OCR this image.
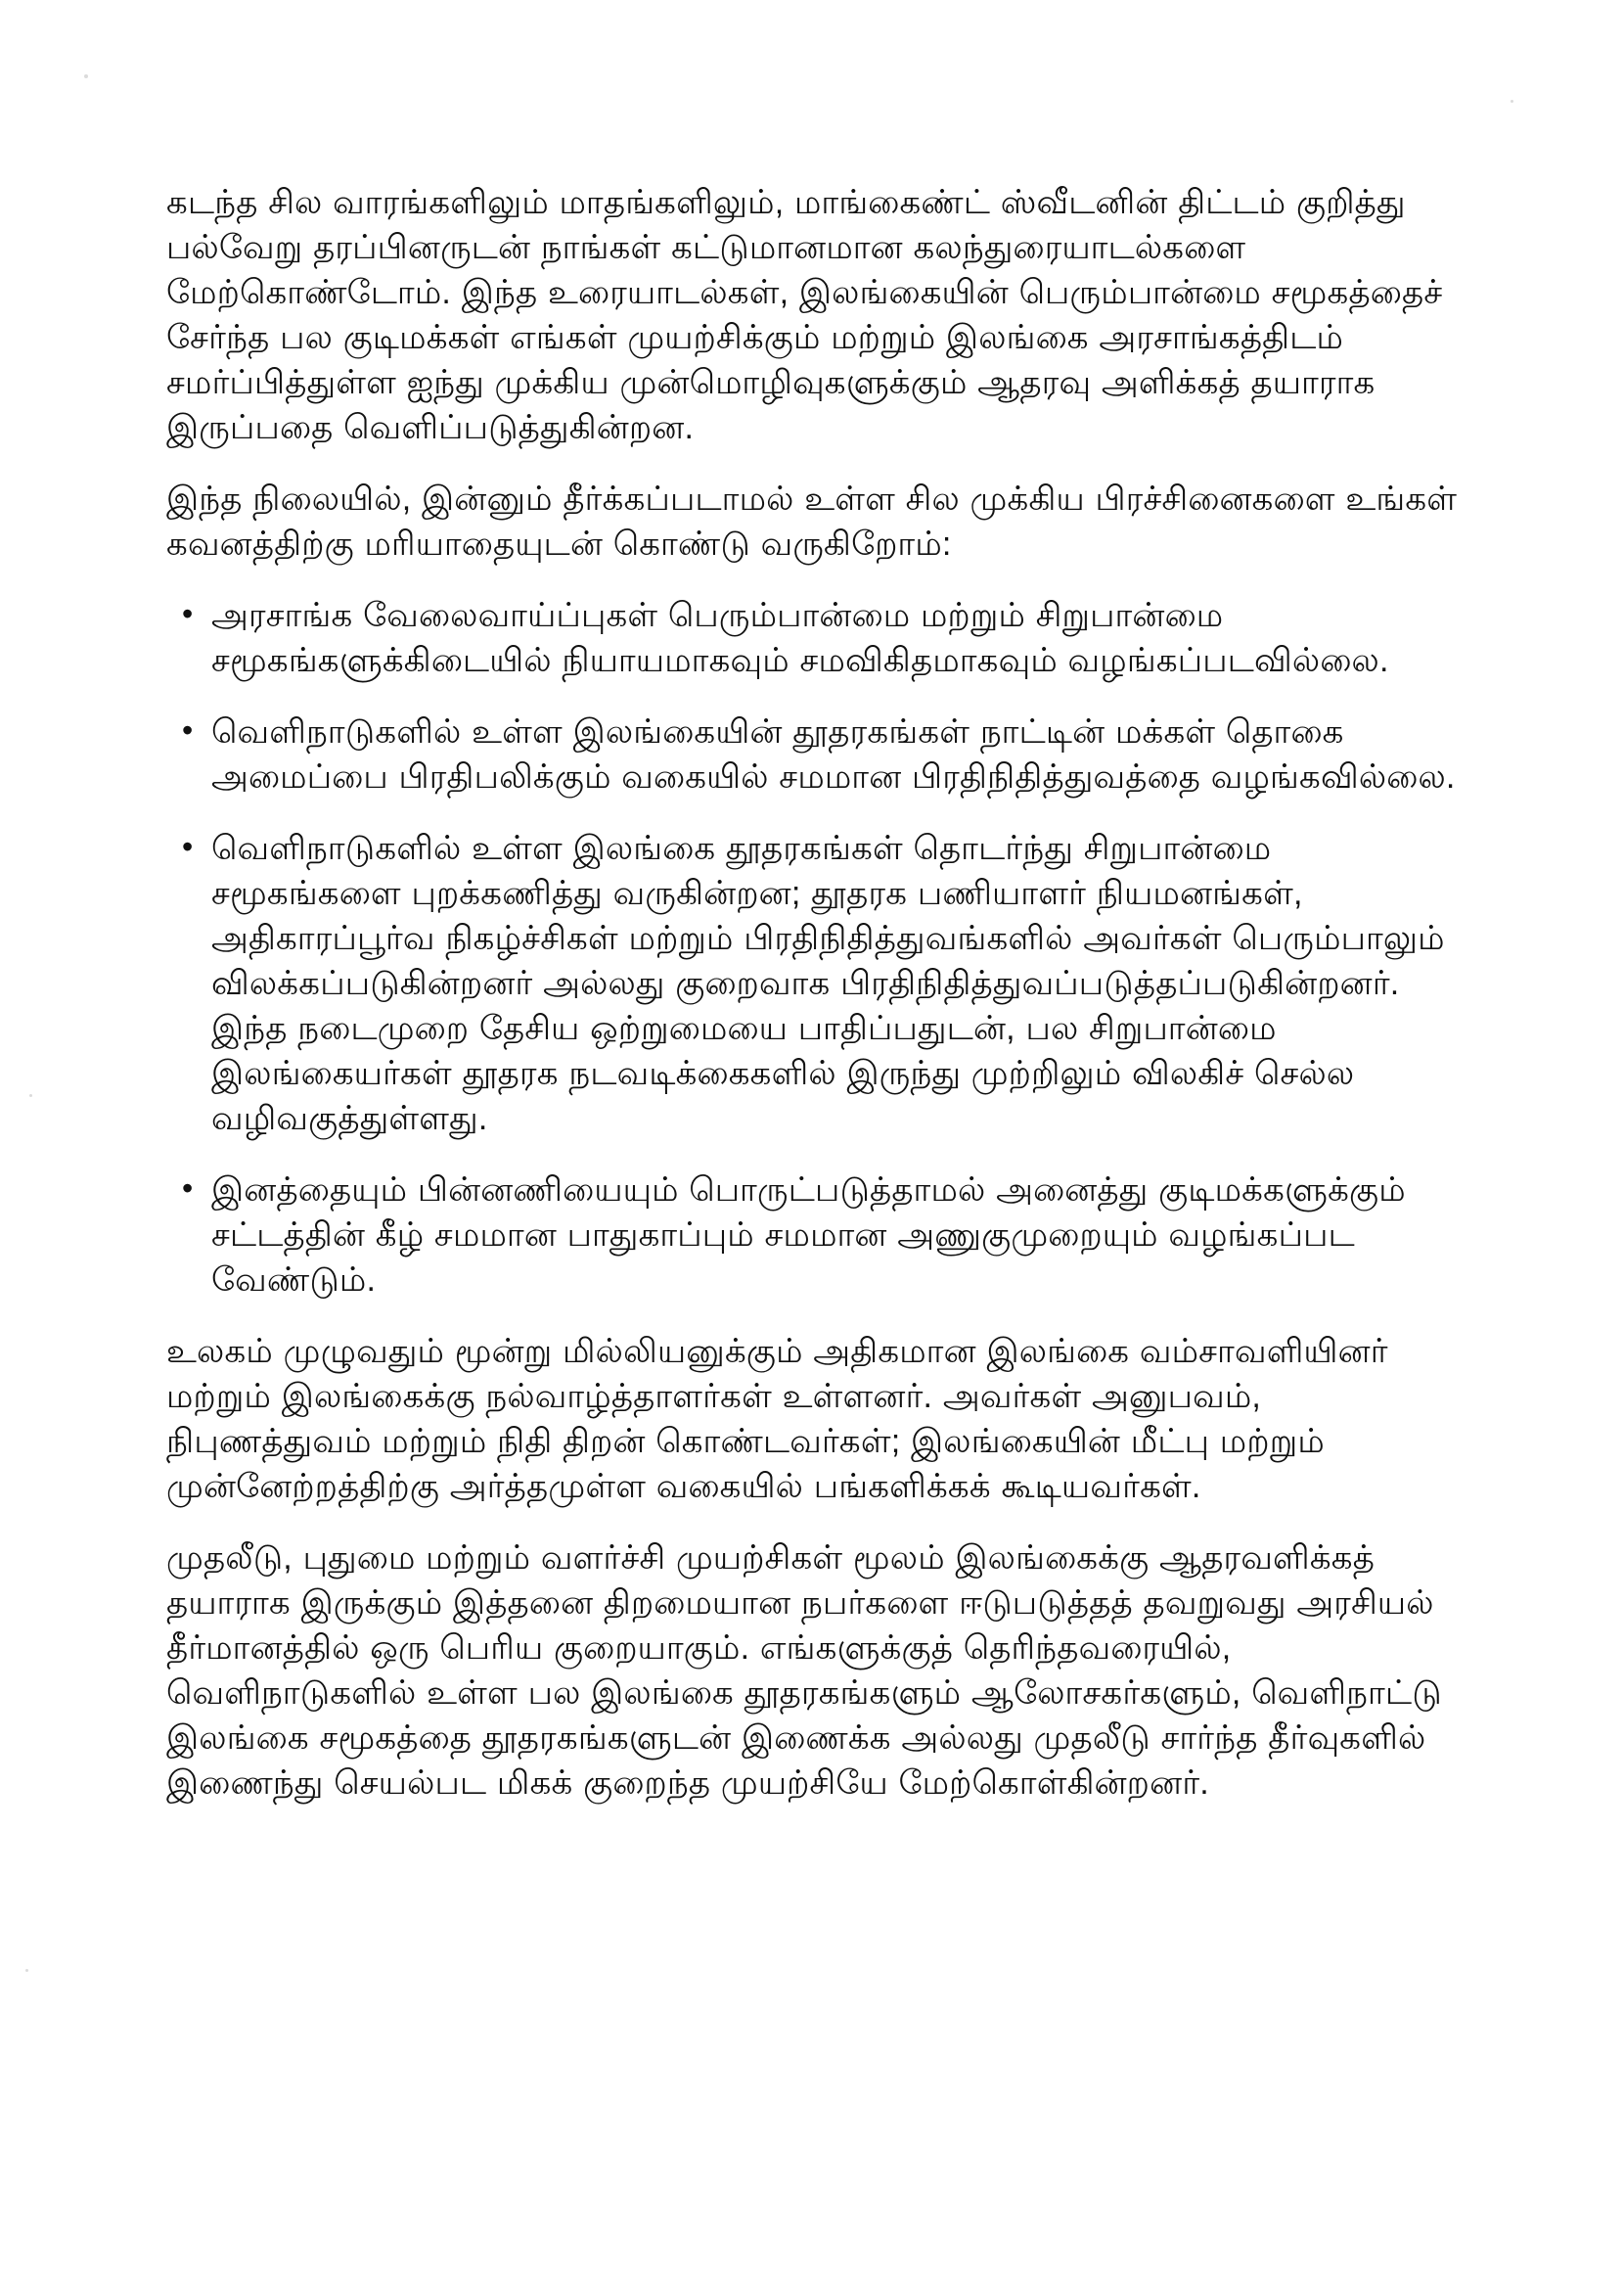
கடந்த சில வாரங்களிலும் மாதங்களிலும், மாங்கைண்ட் ஸ்வீடனின் திட்டம் குறித்து பல்வேறு தரப்பினருடன் நாங்கள் கட்டுமானமான கலந்துரையாடல்களை மேற்கொண்டோம். இந்த உரையாடல்கள், இலங்கையின் பெரும்பான்மை சமூகத்தைச் சேர்ந்த பல குடிமக்கள் எங்கள் முயற்சிக்கும் மற்றும் இலங்கை அரசாங்கத்திடம் சமர்ப்பித்துள்ள ஐந்து முக்கிய முன்மொழிவுகளுக்கும் ஆதரவு அளிக்கத் தயாராக இருப்பதை வெளிப்படுத்துகின்றன.

இந்த நிலையில், இன்னும் தீர்க்கப்படாமல் உள்ள சில முக்கிய பிரச்சினைகளை உங்கள் கவனத்திற்கு மரியாதையுடன் கொண்டு வருகிறோம்:

• அரசாங்க வேலைவாய்ப்புகள் பெரும்பான்மை மற்றும் சிறுபான்மை சமூகங்களுக்கிடையில் நியாயமாகவும் சமவிகிதமாகவும் வழங்கப்படவில்லை.
• வெளிநாடுகளில் உள்ள இலங்கையின் தூதரகங்கள் நாட்டின் மக்கள் தொகை அமைப்பை பிரதிபலிக்கும் வகையில் சமமான பிரதிநிதித்துவத்தை வழங்கவில்லை.
• வெளிநாடுகளில் உள்ள இலங்கை தூதரகங்கள் தொடர்ந்து சிறுபான்மை சமூகங்களை புறக்கணித்து வருகின்றன; தூதரக பணியாளர் நியமனங்கள், அதிகாரப்பூர்வ நிகழ்ச்சிகள் மற்றும் பிரதிநிதித்துவங்களில் அவர்கள் பெரும்பாலும் விலக்கப்படுகின்றனர் அல்லது குறைவாக பிரதிநிதித்துவப்படுத்தப்படுகின்றனர். இந்த நடைமுறை தேசிய ஒற்றுமையை பாதிப்பதுடன், பல சிறுபான்மை இலங்கையர்கள் தூதரக நடவடிக்கைகளில் இருந்து முற்றிலும் விலகிச் செல்ல வழிவகுத்துள்ளது.
• இனத்தையும் பின்னணியையும் பொருட்படுத்தாமல் அனைத்து குடிமக்களுக்கும் சட்டத்தின் கீழ் சமமான பாதுகாப்பும் சமமான அணுகுமுறையும் வழங்கப்பட வேண்டும்.

உலகம் முழுவதும் மூன்று மில்லியனுக்கும் அதிகமான இலங்கை வம்சாவளியினர் மற்றும் இலங்கைக்கு நல்வாழ்த்தாளர்கள் உள்ளனர். அவர்கள் அனுபவம், நிபுணத்துவம் மற்றும் நிதி திறன் கொண்டவர்கள்; இலங்கையின் மீட்பு மற்றும் முன்னேற்றத்திற்கு அர்த்தமுள்ள வகையில் பங்களிக்கக் கூடியவர்கள்.

முதலீடு, புதுமை மற்றும் வளர்ச்சி முயற்சிகள் மூலம் இலங்கைக்கு ஆதரவளிக்கத் தயாராக இருக்கும் இத்தனை திறமையான நபர்களை ஈடுபடுத்தத் தவறுவது அரசியல் தீர்மானத்தில் ஒரு பெரிய குறையாகும். எங்களுக்குத் தெரிந்தவரையில், வெளிநாடுகளில் உள்ள பல இலங்கை தூதரகங்களும் ஆலோசகர்களும், வெளிநாட்டு இலங்கை சமூகத்தை தூதரகங்களுடன் இணைக்க அல்லது முதலீடு சார்ந்த தீர்வுகளில் இணைந்து செயல்பட மிகக் குறைந்த முயற்சியே மேற்கொள்கின்றனர்.
